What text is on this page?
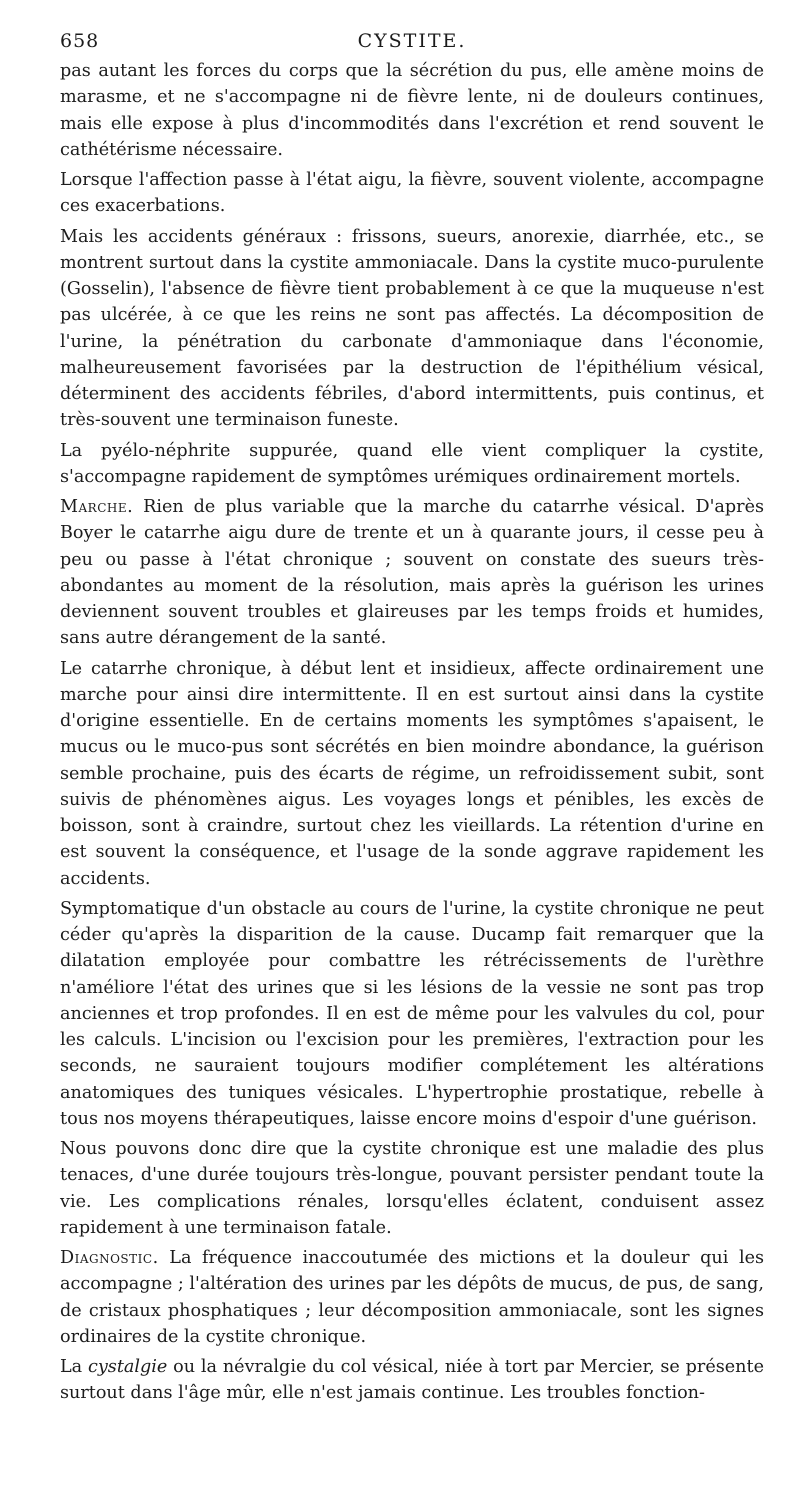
658	CYSTITE.

pas autant les forces du corps que la sécrétion du pus, elle amène moins de marasme, et ne s'accompagne ni de fièvre lente, ni de douleurs continues, mais elle expose à plus d'incommodités dans l'excrétion et rend souvent le cathétérisme nécessaire.

Lorsque l'affection passe à l'état aigu, la fièvre, souvent violente, accompagne ces exacerbations.

Mais les accidents généraux : frissons, sueurs, anorexie, diarrhée, etc., se montrent surtout dans la cystite ammoniacale. Dans la cystite muco-purulente (Gosselin), l'absence de fièvre tient probablement à ce que la muqueuse n'est pas ulcérée, à ce que les reins ne sont pas affectés. La décomposition de l'urine, la pénétration du carbonate d'ammoniaque dans l'économie, malheureusement favorisées par la destruction de l'épithélium vésical, déterminent des accidents fébriles, d'abord intermittents, puis continus, et très-souvent une terminaison funeste.

La pyélo-néphrite suppurée, quand elle vient compliquer la cystite, s'accompagne rapidement de symptômes urémiques ordinairement mortels.

Marche. Rien de plus variable que la marche du catarrhe vésical. D'après Boyer le catarrhe aigu dure de trente et un à quarante jours, il cesse peu à peu ou passe à l'état chronique ; souvent on constate des sueurs très-abondantes au moment de la résolution, mais après la guérison les urines deviennent souvent troubles et glaireuses par les temps froids et humides, sans autre dérangement de la santé.

Le catarrhe chronique, à début lent et insidieux, affecte ordinairement une marche pour ainsi dire intermittente. Il en est surtout ainsi dans la cystite d'origine essentielle. En de certains moments les symptômes s'apaisent, le mucus ou le muco-pus sont sécrétés en bien moindre abondance, la guérison semble prochaine, puis des écarts de régime, un refroidissement subit, sont suivis de phénomènes aigus. Les voyages longs et pénibles, les excès de boisson, sont à craindre, surtout chez les vieillards. La rétention d'urine en est souvent la conséquence, et l'usage de la sonde aggrave rapidement les accidents.

Symptomatique d'un obstacle au cours de l'urine, la cystite chronique ne peut céder qu'après la disparition de la cause. Ducamp fait remarquer que la dilatation employée pour combattre les rétrécissements de l'urèthre n'améliore l'état des urines que si les lésions de la vessie ne sont pas trop anciennes et trop profondes. Il en est de même pour les valvules du col, pour les calculs. L'incision ou l'excision pour les premières, l'extraction pour les seconds, ne sauraient toujours modifier complétement les altérations anatomiques des tuniques vésicales. L'hypertrophie prostatique, rebelle à tous nos moyens thérapeutiques, laisse encore moins d'espoir d'une guérison.

Nous pouvons donc dire que la cystite chronique est une maladie des plus tenaces, d'une durée toujours très-longue, pouvant persister pendant toute la vie. Les complications rénales, lorsqu'elles éclatent, conduisent assez rapidement à une terminaison fatale.

Diagnostic. La fréquence inaccoutumée des mictions et la douleur qui les accompagne ; l'altération des urines par les dépôts de mucus, de pus, de sang, de cristaux phosphatiques ; leur décomposition ammoniacale, sont les signes ordinaires de la cystite chronique.

La cystalgie ou la névralgie du col vésical, niée à tort par Mercier, se présente surtout dans l'âge mûr, elle n'est jamais continue. Les troubles fonction-
